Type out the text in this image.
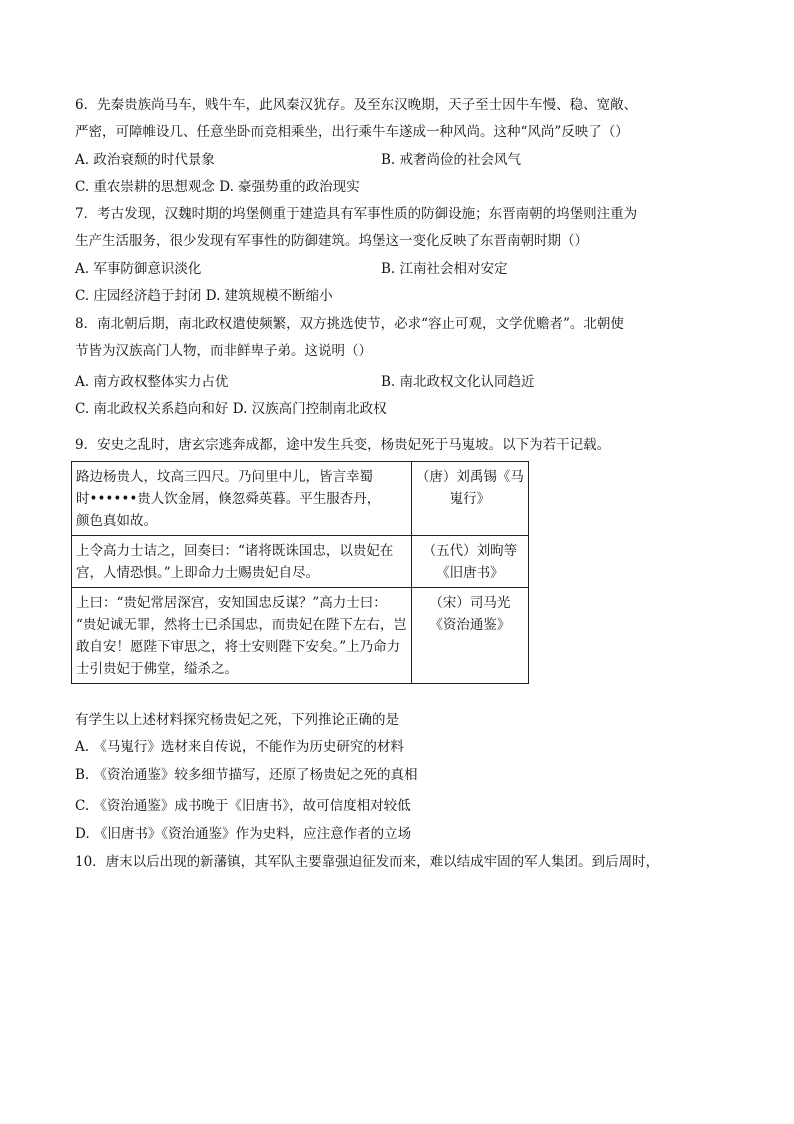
6．先秦贵族尚马车，贱牛车，此风秦汉犹存。及至东汉晚期，天子至士因牛车慢、稳、宽敞、
严密，可障帷设几、任意坐卧而竞相乘坐，出行乘牛车遂成一种风尚。这种“风尚”反映了（）
A. 政治衰颓的时代景象	B. 戒奢尚俭的社会风气
C. 重农崇耕的思想观念 D. 豪强势重的政治现实
7．考古发现，汉魏时期的坞堡侧重于建造具有军事性质的防御设施；东晋南朝的坞堡则注重为
生产生活服务，很少发现有军事性的防御建筑。坞堡这一变化反映了东晋南朝时期（）
A. 军事防御意识淡化	B. 江南社会相对安定
C. 庄园经济趋于封闭 D. 建筑规模不断缩小
8．南北朝后期，南北政权遣使频繁，双方挑选使节，必求“容止可观，文学优赡者”。北朝使
节皆为汉族高门人物，而非鲜卑子弟。这说明（）
A. 南方政权整体实力占优	B. 南北政权文化认同趋近
C. 南北政权关系趋向和好 D. 汉族高门控制南北政权
9．安史之乱时，唐玄宗逃奔成都，途中发生兵变，杨贵妃死于马嵬坡。以下为若干记载。
路边杨贵人，坟高三四尺。乃问里中儿，皆言幸蜀
时••••••贵人饮金屑，倏忽舜英暮。平生服杏丹，
颜色真如故。	（唐）刘禹锡《马
嵬行》

上令高力士诘之，回奏曰：“诸将既诛国忠，以贵妃在
宫，人情恐惧。”上即命力士赐贵妃自尽。	（五代）刘昫等
《旧唐书》

上曰：“贵妃常居深宫，安知国忠反谋？”高力士曰：
“贵妃诚无罪，然将士已杀国忠，而贵妃在陛下左右，岂
敢自安！愿陛下审思之，将士安则陛下安矣。”上乃命力
士引贵妃于佛堂，缢杀之。	（宋）司马光
《资治通鉴》
有学生以上述材料探究杨贵妃之死，下列推论正确的是
A. 《马嵬行》选材来自传说，不能作为历史研究的材料
B. 《资治通鉴》较多细节描写，还原了杨贵妃之死的真相
C. 《资治通鉴》成书晚于《旧唐书》，故可信度相对较低
D. 《旧唐书》《资治通鉴》作为史料，应注意作者的立场
10．唐末以后出现的新藩镇，其军队主要靠强迫征发而来，难以结成牢固的军人集团。到后周时，
